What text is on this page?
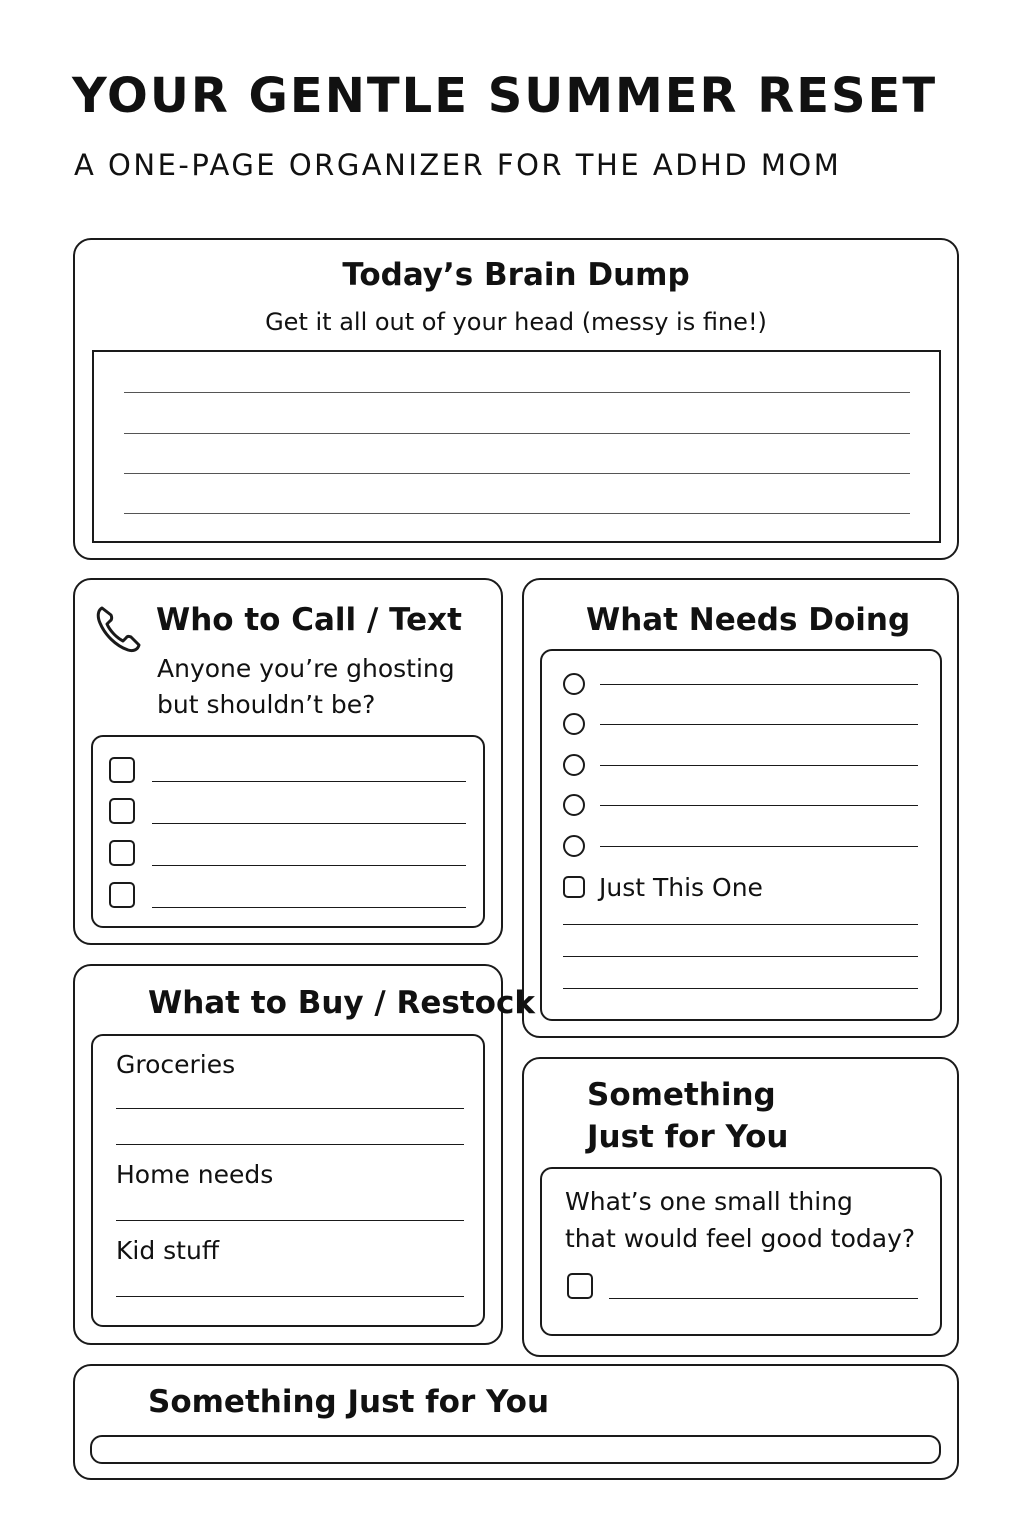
YOUR GENTLE SUMMER RESET
A ONE-PAGE ORGANIZER FOR THE ADHD MOM
Today’s Brain Dump
Get it all out of your head (messy is fine!)
Who to Call / Text
Anyone you’re ghosting
but shouldn’t be?
What Needs Doing
Just This One
What to Buy / Restock
Groceries
Home needs
Kid stuff
Something
Just for You
What’s one small thing
that would feel good today?
Something Just for You
